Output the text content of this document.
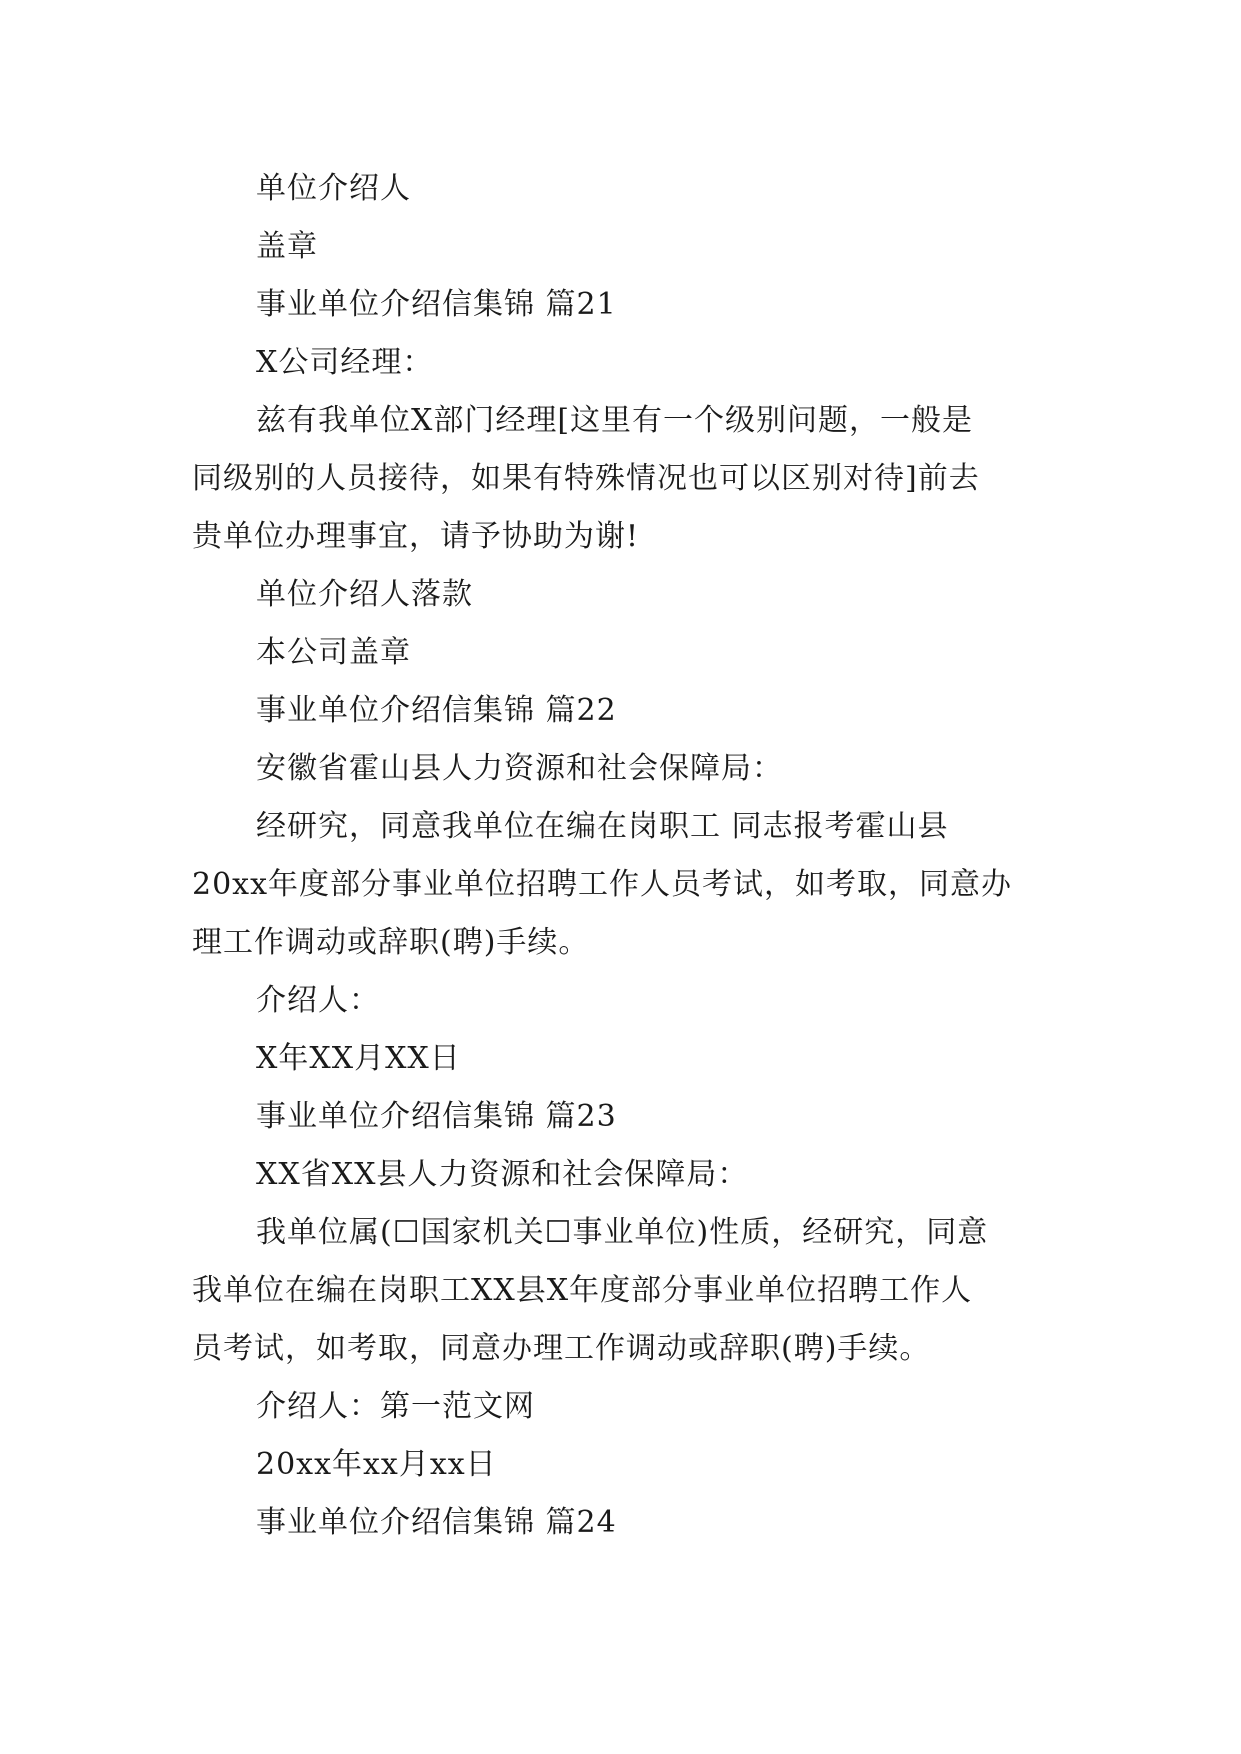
单位介绍人

盖章

事业单位介绍信集锦 篇21

X公司经理：

兹有我单位X部门经理[这里有一个级别问题，一般是
同级别的人员接待，如果有特殊情况也可以区别对待]前去
贵单位办理事宜，请予协助为谢!

单位介绍人落款

本公司盖章

事业单位介绍信集锦 篇22

安徽省霍山县人力资源和社会保障局：

经研究，同意我单位在编在岗职工 同志报考霍山县
20xx年度部分事业单位招聘工作人员考试，如考取，同意办
理工作调动或辞职(聘)手续。

介绍人：

X年XX月XX日

事业单位介绍信集锦 篇23

XX省XX县人力资源和社会保障局：

我单位属(☐国家机关☐事业单位)性质，经研究，同意
我单位在编在岗职工XX县X年度部分事业单位招聘工作人
员考试，如考取，同意办理工作调动或辞职(聘)手续。

介绍人：第一范文网

20xx年xx月xx日

事业单位介绍信集锦 篇24
